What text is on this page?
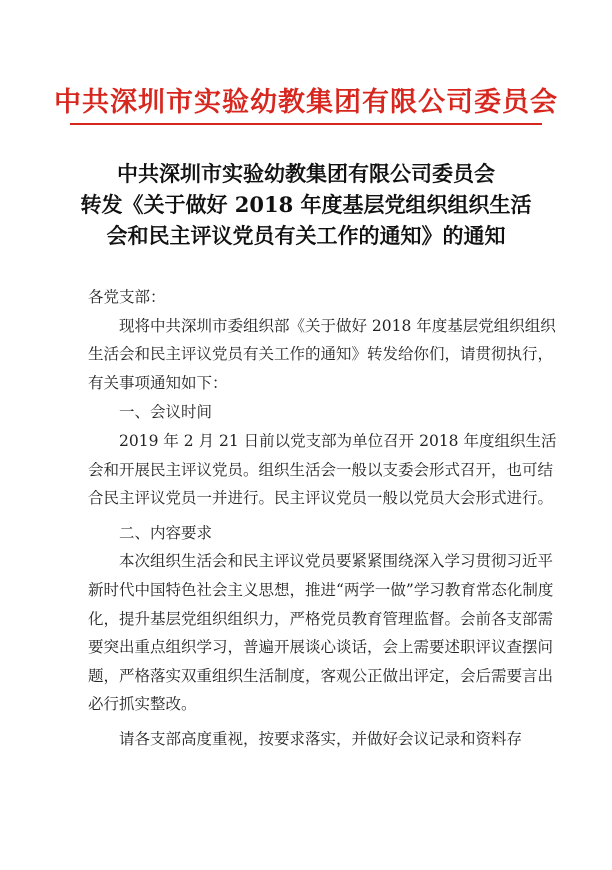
中共深圳市实验幼教集团有限公司委员会
中共深圳市实验幼教集团有限公司委员会
转发《关于做好 2018 年度基层党组织组织生活
会和民主评议党员有关工作的通知》的通知

各党支部：

现将中共深圳市委组织部《关于做好 2018 年度基层党组织组织生活会和民主评议党员有关工作的通知》转发给你们，请贯彻执行，有关事项通知如下：

一、会议时间

2019 年 2 月 21 日前以党支部为单位召开 2018 年度组织生活会和开展民主评议党员。组织生活会一般以支委会形式召开，也可结合民主评议党员一并进行。民主评议党员一般以党员大会形式进行。

二、内容要求

本次组织生活会和民主评议党员要紧紧围绕深入学习贯彻习近平新时代中国特色社会主义思想，推进“两学一做”学习教育常态化制度化，提升基层党组织组织力，严格党员教育管理监督。会前各支部需要突出重点组织学习，普遍开展谈心谈话，会上需要述职评议查摆问题，严格落实双重组织生活制度，客观公正做出评定，会后需要言出必行抓实整改。

请各支部高度重视，按要求落实，并做好会议记录和资料存
